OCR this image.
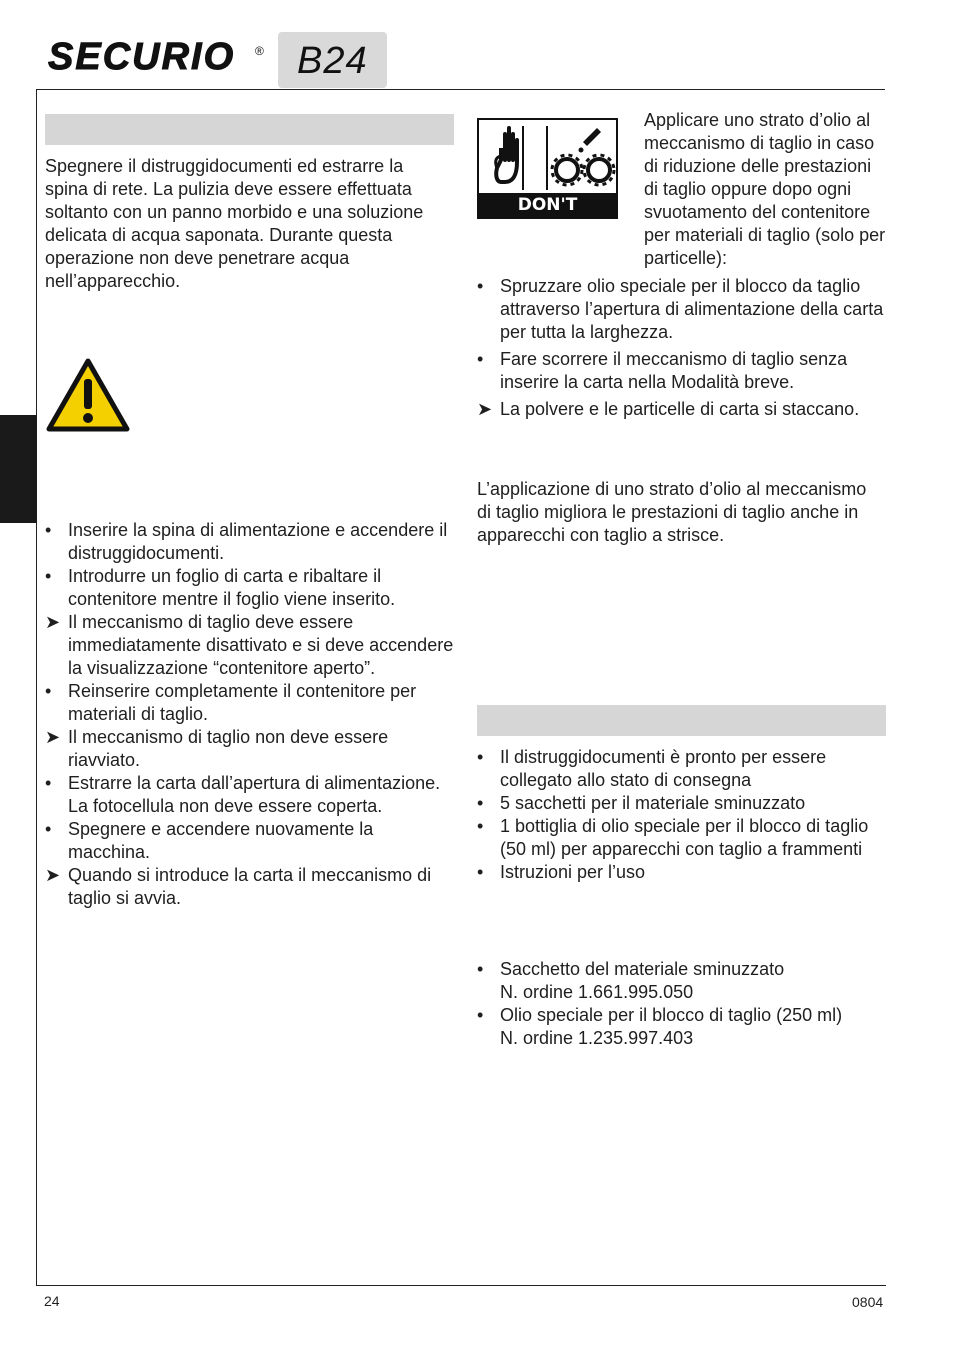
SECURIO ® B24
Spegnere il distruggidocumenti ed estrarre la spina di rete. La pulizia deve essere effettuata soltanto con un panno morbido e una soluzione delicata di acqua saponata. Durante questa operazione non deve penetrare acqua nell’apparecchio.
• Inserire la spina di alimentazione e accendere il distruggidocumenti.
• Introdurre un foglio di carta e ribaltare il contenitore mentre il foglio viene inserito.
➤ Il meccanismo di taglio deve essere immediatamente disattivato e si deve accendere la visualizzazione “contenitore aperto”.
• Reinserire completamente il contenitore per materiali di taglio.
➤ Il meccanismo di taglio non deve essere riavviato.
• Estrarre la carta dall’apertura di alimentazione. La fotocellula non deve essere coperta.
• Spegnere e accendere nuovamente la macchina.
➤ Quando si introduce la carta il meccanismo di taglio si avvia.
DON'T FORGET
Applicare uno strato d’olio al meccanismo di taglio in caso di riduzione delle prestazioni di taglio oppure dopo ogni svuotamento del contenitore per materiali di taglio (solo per particelle):
• Spruzzare olio speciale per il blocco da taglio attraverso l’apertura di alimentazione della carta per tutta la larghezza.
• Fare scorrere il meccanismo di taglio senza inserire la carta nella Modalità breve.
➤ La polvere e le particelle di carta si staccano.
L’applicazione di uno strato d’olio al meccanismo di taglio migliora le prestazioni di taglio anche in apparecchi con taglio a strisce.
• Il distruggidocumenti è pronto per essere collegato allo stato di consegna
• 5 sacchetti per il materiale sminuzzato
• 1 bottiglia di olio speciale per il blocco di taglio (50 ml) per apparecchi con taglio a frammenti
• Istruzioni per l’uso
• Sacchetto del materiale sminuzzato
N. ordine 1.661.995.050
• Olio speciale per il blocco di taglio (250 ml)
N. ordine 1.235.997.403
24	0804
